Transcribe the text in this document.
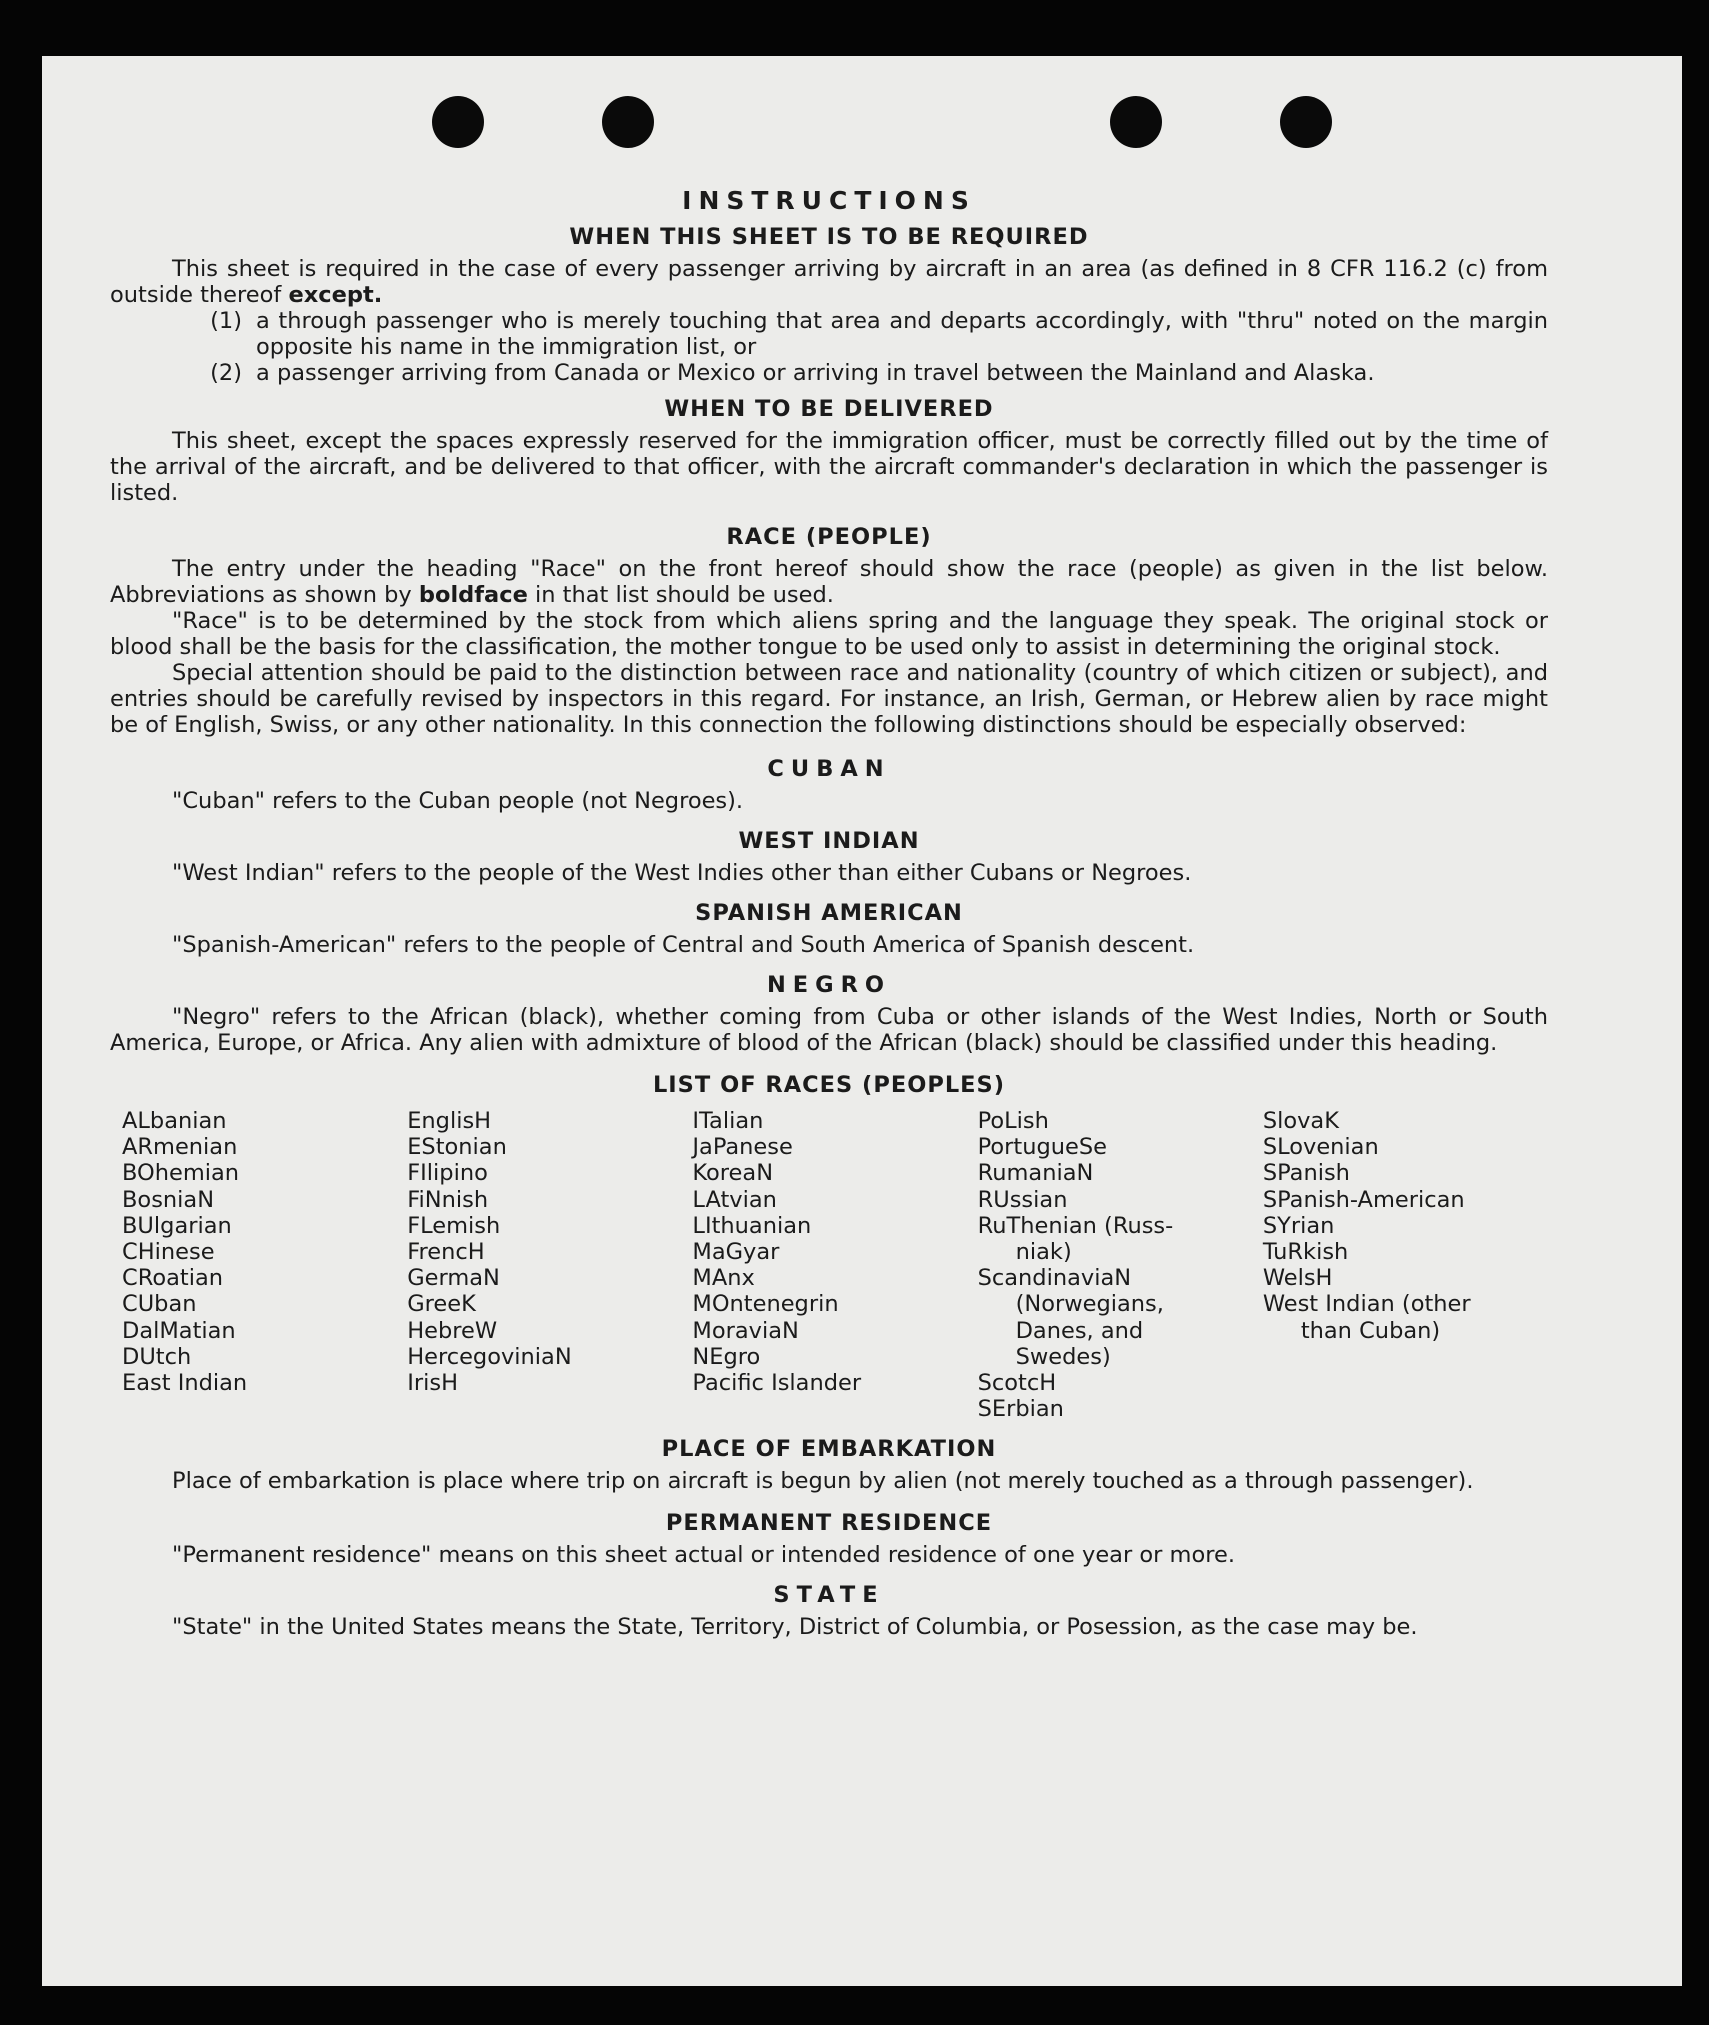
INSTRUCTIONS
WHEN THIS SHEET IS TO BE REQUIRED

This sheet is required in the case of every passenger arriving by aircraft in an area (as defined in 8 CFR 116.2 (c) from outside thereof except.

(1) a through passenger who is merely touching that area and departs accordingly, with "thru" noted on the margin opposite his name in the immigration list, or
(2) a passenger arriving from Canada or Mexico or arriving in travel between the Mainland and Alaska.
WHEN TO BE DELIVERED

This sheet, except the spaces expressly reserved for the immigration officer, must be correctly filled out by the time of the arrival of the aircraft, and be delivered to that officer, with the aircraft commander's declaration in which the passenger is listed.

RACE (PEOPLE)

The entry under the heading "Race" on the front hereof should show the race (people) as given in the list below. Abbreviations as shown by boldface in that list should be used.

"Race" is to be determined by the stock from which aliens spring and the language they speak. The original stock or blood shall be the basis for the classification, the mother tongue to be used only to assist in determining the original stock.

Special attention should be paid to the distinction between race and nationality (country of which citizen or subject), and entries should be carefully revised by inspectors in this regard. For instance, an Irish, German, or Hebrew alien by race might be of English, Swiss, or any other nationality. In this connection the following distinctions should be especially observed:

CUBAN

"Cuban" refers to the Cuban people (not Negroes).

WEST INDIAN

"West Indian" refers to the people of the West Indies other than either Cubans or Negroes.

SPANISH AMERICAN

"Spanish-American" refers to the people of Central and South America of Spanish descent.

NEGRO

"Negro" refers to the African (black), whether coming from Cuba or other islands of the West Indies, North or South America, Europe, or Africa. Any alien with admixture of blood of the African (black) should be classified under this heading.

LIST OF RACES (PEOPLES)
ALbanian
ARmenian
BOhemian
BosniaN
BUlgarian
CHinese
CRoatian
CUban
DalMatian
DUtch
East Indian
EnglisH
EStonian
FIlipino
FiNnish
FLemish
FrencH
GermaN
GreeK
HebreW
HercegoviniaN
IrisH
ITalian
JaPanese
KoreaN
LAtvian
LIthuanian
MaGyar
MAnx
MOntenegrin
MoraviaN
NEgro
Pacific Islander
PoLish
PortugueSe
RumaniaN
RUssian
RuThenian (Russ-
niak)
ScandinaviaN
(Norwegians,
Danes, and
Swedes)
ScotcH
SErbian
SlovaK
SLovenian
SPanish
SPanish-American
SYrian
TuRkish
WelsH
West Indian (other
than Cuban)
PLACE OF EMBARKATION

Place of embarkation is place where trip on aircraft is begun by alien (not merely touched as a through passenger).

PERMANENT RESIDENCE

"Permanent residence" means on this sheet actual or intended residence of one year or more.

STATE

"State" in the United States means the State, Territory, District of Columbia, or Posession, as the case may be.
